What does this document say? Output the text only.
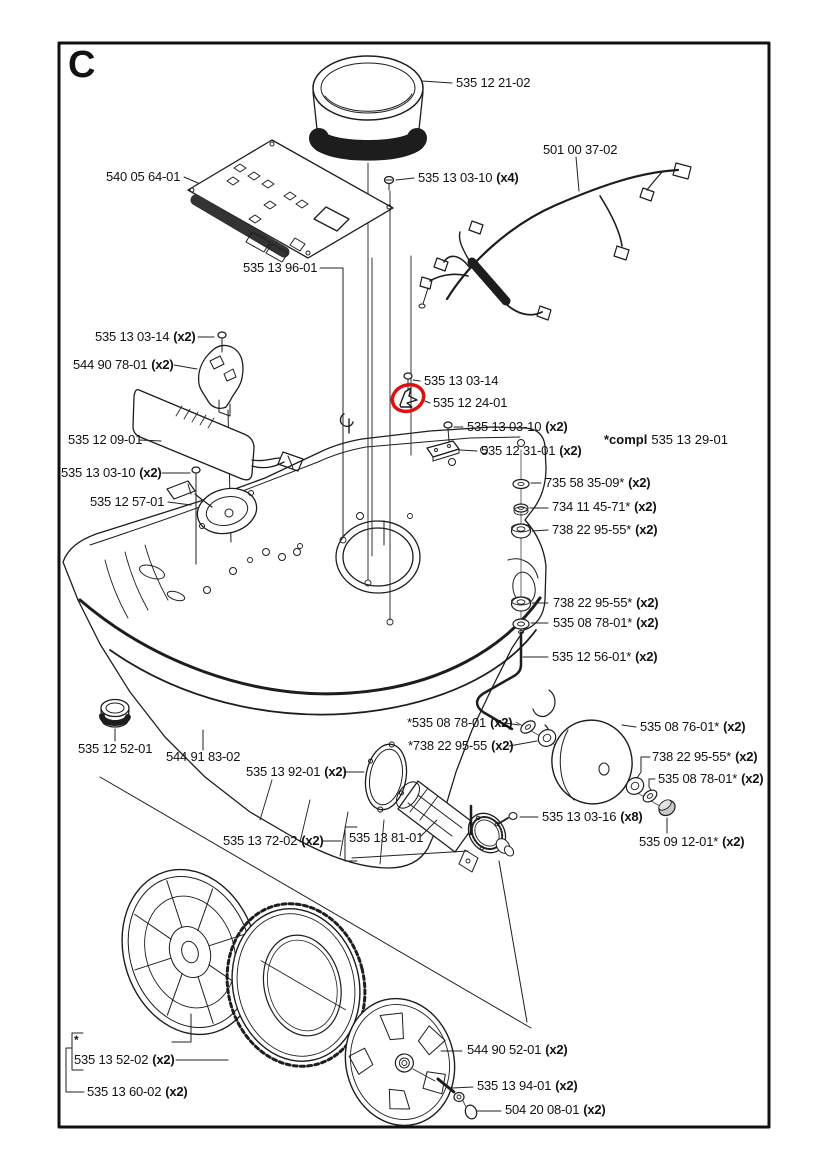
535 12 21-02
540 05 64-01	535 13 03-10 (x4)
501 00 37-02
535 13 96-01
535 13 03-14 (x2)
544 90 78-01 (x2)
535 12 09-01
535 13 03-14
535 12 24-01
535 13 03-10 (x2)
535 12 31-01 (x2)
535 13 03-10 (x2)
535 12 57-01
735 58 35-09* (x2)
734 11 45-71* (x2)
738 22 95-55* (x2)
738 22 95-55* (x2)
535 08 78-01* (x2)
535 12 56-01* (x2)
*535 08 78-01 (x2)
*738 22 95-55 (x2)
535 08 76-01* (x2)
738 22 95-55* (x2)
535 08 78-01* (x2)
535 13 03-16 (x8)
535 09 12-01* (x2)
535 12 52-01
544 91 83-02
535 13 92-01 (x2)
535 13 72-02 (x2) 535 13 81-01
535 13 52-02 (x2)
535 13 60-02 (x2)
544 90 52-01 (x2)
535 13 94-01 (x2)
504 20 08-01 (x2)
C
*compl 535 13 29-01
*
